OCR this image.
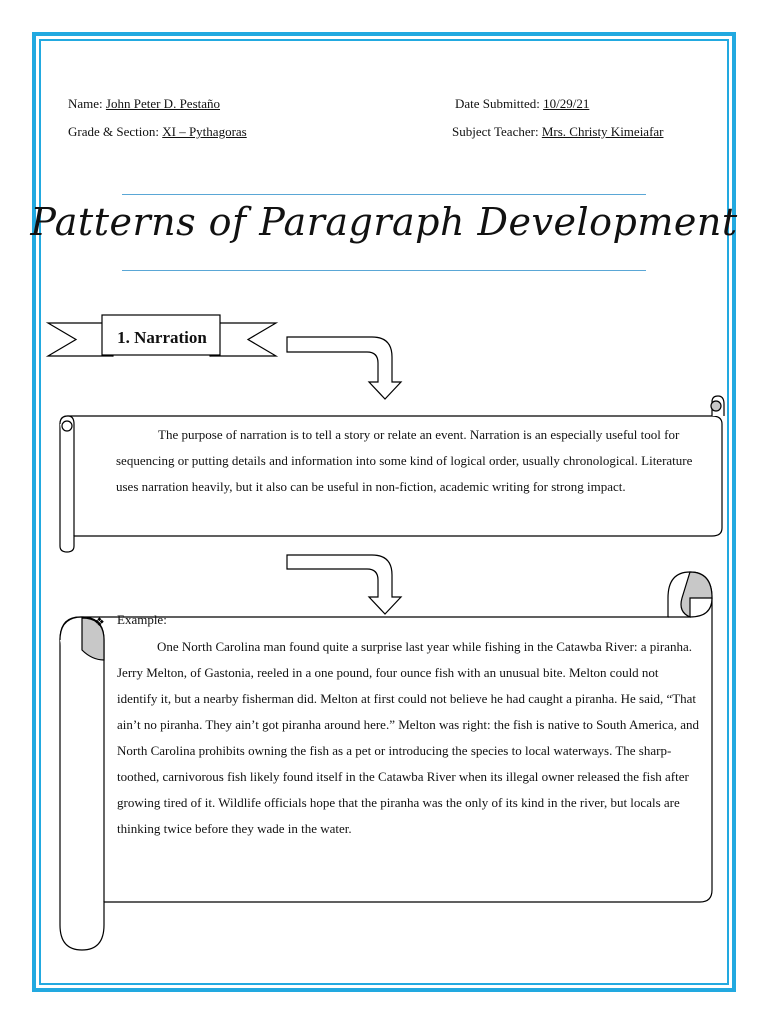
Name: John Peter D. Pestaño
Grade & Section: XI – Pythagoras
Date Submitted: 10/29/21
Subject Teacher: Mrs. Christy Kimeiafar
Patterns of Paragraph Development
❖
1. Narration
The purpose of narration is to tell a story or relate an event. Narration is an especially useful tool for sequencing or putting details and information into some kind of logical order, usually chronological. Literature uses narration heavily, but it also can be useful in non-fiction, academic writing for strong impact.
Example:
One North Carolina man found quite a surprise last year while fishing in the Catawba River: a piranha. Jerry Melton, of Gastonia, reeled in a one pound, four ounce fish with an unusual bite. Melton could not identify it, but a nearby fisherman did. Melton at first could not believe he had caught a piranha. He said, “That ain’t no piranha. They ain’t got piranha around here.” Melton was right: the fish is native to South America, and North Carolina prohibits owning the fish as a pet or introducing the species to local waterways. The sharp-toothed, carnivorous fish likely found itself in the Catawba River when its illegal owner released the fish after growing tired of it. Wildlife officials hope that the piranha was the only of its kind in the river, but locals are thinking twice before they wade in the water.
